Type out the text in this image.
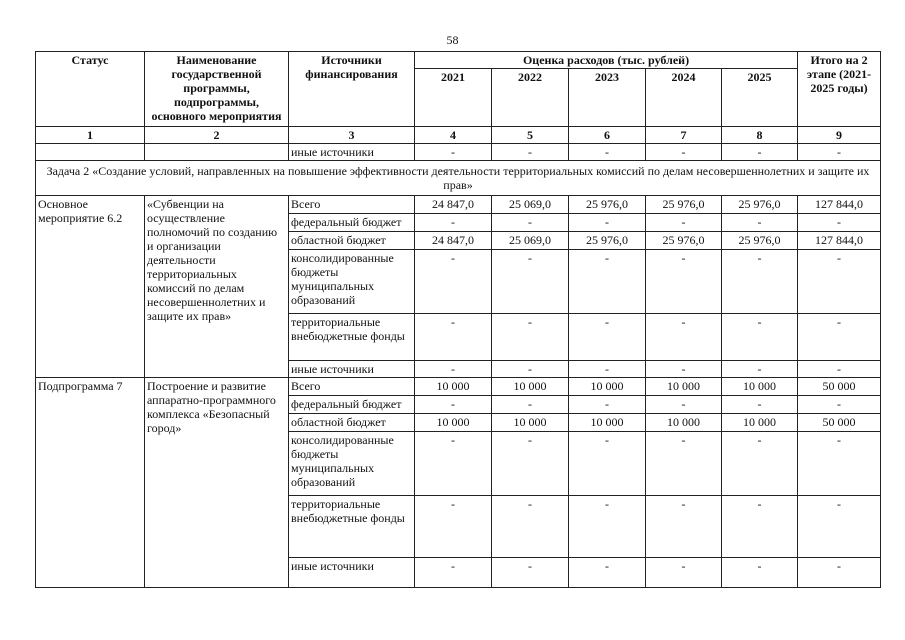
58
Статус	Наименование государственной программы, подпрограммы, основного мероприятия	Источники финансирования	Оценка расходов (тыс. рублей)					Итого на 2 этапе (2021-2025 годы)
			2021	2022	2023	2024	2025	
1	2	3	4	5	6	7	8	9
		иные источники	-	-	-	-	-	-
Задача 2 «Создание условий, направленных на повышение эффективности деятельности территориальных комиссий по делам несовершеннолетних и защите их прав»								
Основное мероприятие 6.2	«Субвенции на осуществление полномочий по созданию и организации деятельности территориальных комиссий по делам несовершеннолетних и защите их прав»	Всего	24 847,0	25 069,0	25 976,0	25 976,0	25 976,0	127 844,0
		федеральный бюджет	-	-	-	-	-	-
		областной бюджет	24 847,0	25 069,0	25 976,0	25 976,0	25 976,0	127 844,0
		консолидированные бюджеты муниципальных образований	-	-	-	-	-	-
		территориальные внебюджетные фонды	-	-	-	-	-	-
		иные источники	-	-	-	-	-	-
Подпрограмма 7	Построение и развитие аппаратно-программного комплекса «Безопасный город»	Всего	10 000	10 000	10 000	10 000	10 000	50 000
		федеральный бюджет	-	-	-	-	-	-
		областной бюджет	10 000	10 000	10 000	10 000	10 000	50 000
		консолидированные бюджеты муниципальных образований	-	-	-	-	-	-
		территориальные внебюджетные фонды	-	-	-	-	-	-
		иные источники	-	-	-	-	-	-
